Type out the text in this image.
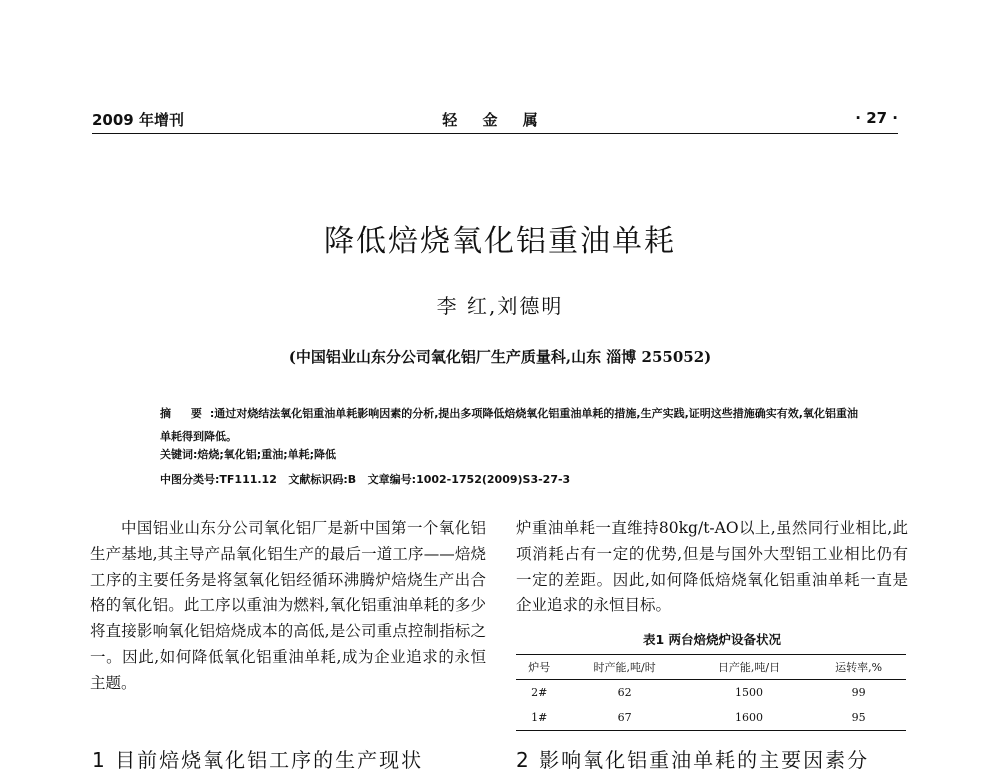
2009 年增刊	轻 金 属	· 27 ·
降低焙烧氧化铝重油单耗
李 红,刘德明
(中国铝业山东分公司氧化铝厂生产质量科,山东 淄博 255052)
摘 要:通过对烧结法氧化铝重油单耗影响因素的分析,提出多项降低焙烧氧化铝重油单耗的措施,生产实践,证明这些措施确实有效,氧化铝重油单耗得到降低。
关键词:焙烧;氧化铝;重油;单耗;降低
中图分类号:TF111.12 文献标识码:B 文章编号:1002-1752(2009)S3-27-3

中国铝业山东分公司氧化铝厂是新中国第一个氧化铝生产基地,其主导产品氧化铝生产的最后一道工序——焙烧工序的主要任务是将氢氧化铝经循环沸腾炉焙烧生产出合格的氧化铝。此工序以重油为燃料,氧化铝重油单耗的多少将直接影响氧化铝焙烧成本的高低,是公司重点控制指标之一。因此,如何降低氧化铝重油单耗,成为企业追求的永恒主题。

炉重油单耗一直维持80kg/t-AO以上,虽然同行业相比,此项消耗占有一定的优势,但是与国外大型铝工业相比仍有一定的差距。因此,如何降低焙烧氧化铝重油单耗一直是企业追求的永恒目标。

表1 两台焙烧炉设备状况
炉号	时产能,吨/时	日产能,吨/日	运转率,%
2#	62	1500	99
1#	67	1600	95
1 目前焙烧氧化铝工序的生产现状	2 影响氧化铝重油单耗的主要因素分
